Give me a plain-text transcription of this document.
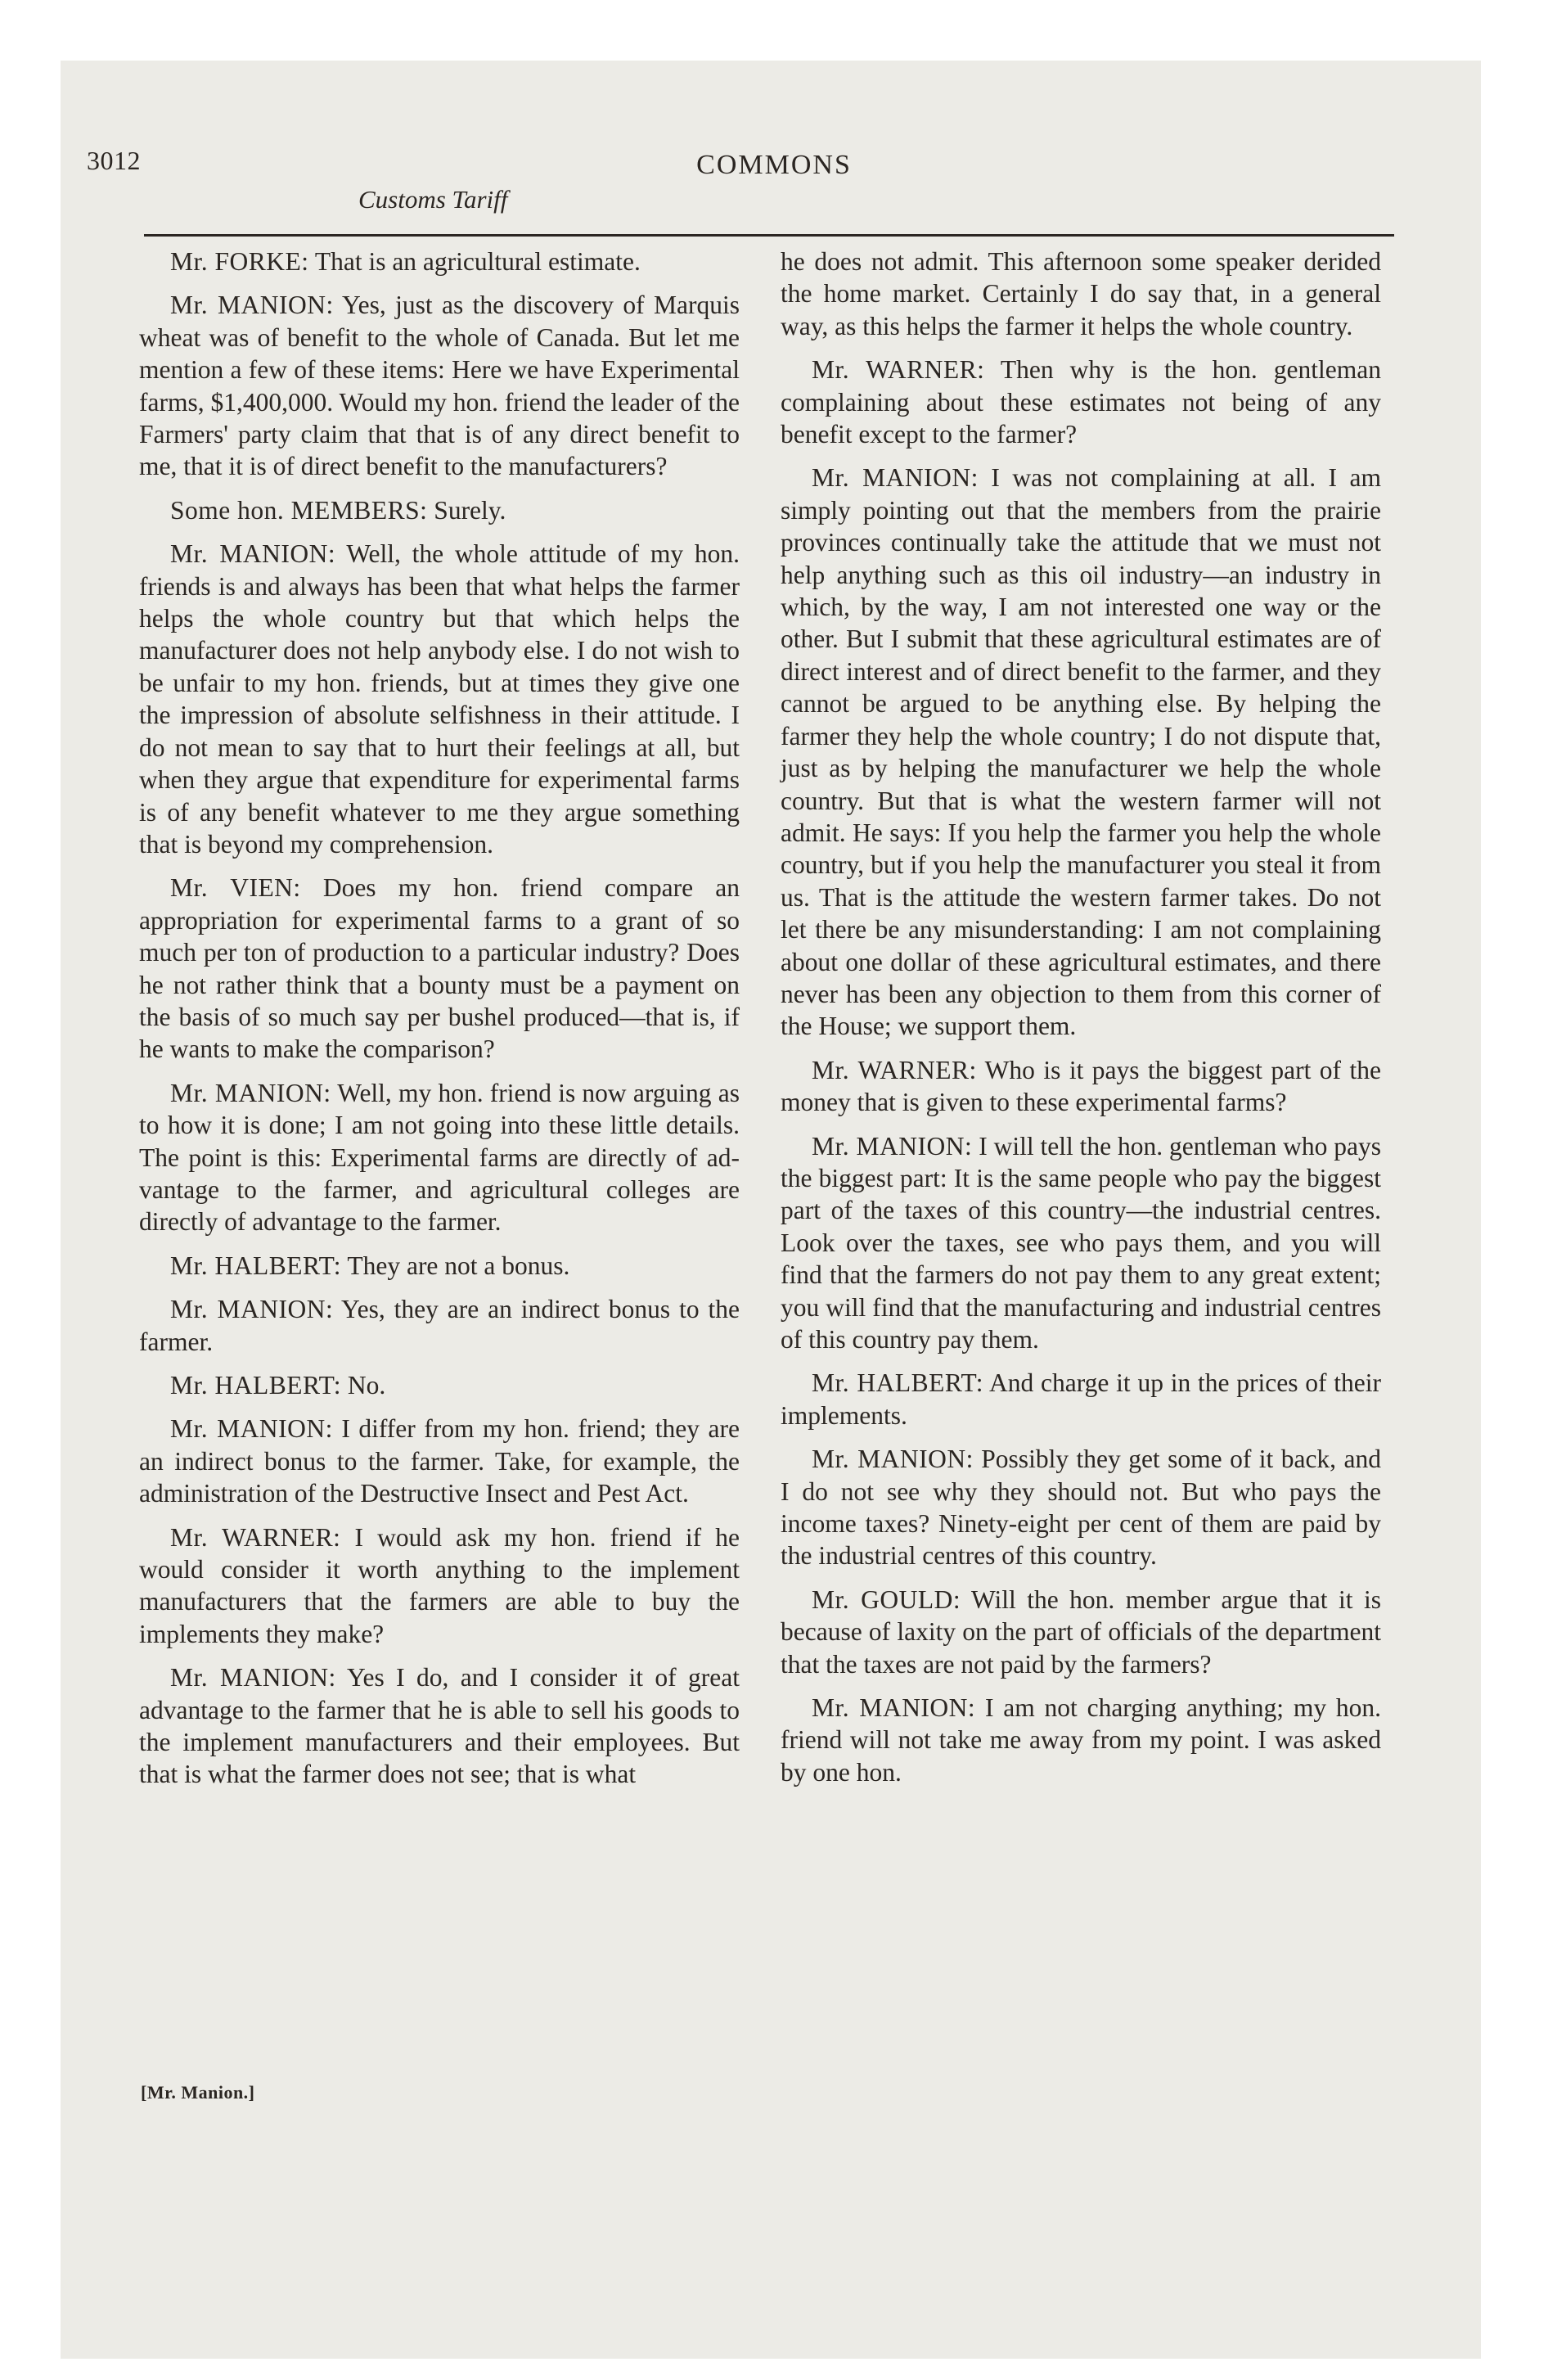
3012	COMMONS
Customs Tariff

Mr. FORKE: That is an agricultural estimate.

Mr. MANION: Yes, just as the discovery of Marquis wheat was of benefit to the whole of Canada. But let me mention a few of these items: Here we have Experimental farms, $1,400,000. Would my hon. friend the leader of the Farmers' party claim that that is of any direct benefit to me, that it is of direct benefit to the manufacturers?

Some hon. MEMBERS: Surely.

Mr. MANION: Well, the whole attitude of my hon. friends is and always has been that what helps the farmer helps the whole country but that which helps the manufacturer does not help anybody else. I do not wish to be unfair to my hon. friends, but at times they give one the impression of absolute selfishness in their attitude. I do not mean to say that to hurt their feelings at all, but when they argue that expenditure for experimental farms is of any benefit whatever to me they argue something that is beyond my comprehension.

Mr. VIEN: Does my hon. friend compare an appropriation for experimental farms to a grant of so much per ton of production to a particular industry? Does he not rather think that a bounty must be a payment on the basis of so much say per bushel produced—that is, if he wants to make the comparison?

Mr. MANION: Well, my hon. friend is now arguing as to how it is done; I am not going into these little details. The point is this: Experimental farms are directly of advantage to the farmer, and agricultural colleges are directly of advantage to the farmer.

Mr. HALBERT: They are not a bonus.

Mr. MANION: Yes, they are an indirect bonus to the farmer.

Mr. HALBERT: No.

Mr. MANION: I differ from my hon. friend; they are an indirect bonus to the farmer. Take, for example, the administration of the Destructive Insect and Pest Act.

Mr. WARNER: I would ask my hon. friend if he would consider it worth anything to the implement manufacturers that the farmers are able to buy the implements they make?

Mr. MANION: Yes I do, and I consider it of great advantage to the farmer that he is able to sell his goods to the implement manufacturers and their employees. But that is what the farmer does not see; that is what

he does not admit. This afternoon some speaker derided the home market. Certainly I do say that, in a general way, as this helps the farmer it helps the whole country.

Mr. WARNER: Then why is the hon. gentleman complaining about these estimates not being of any benefit except to the farmer?

Mr. MANION: I was not complaining at all. I am simply pointing out that the members from the prairie provinces continually take the attitude that we must not help anything such as this oil industry—an industry in which, by the way, I am not interested one way or the other. But I submit that these agricultural estimates are of direct interest and of direct benefit to the farmer, and they cannot be argued to be anything else. By helping the farmer they help the whole country; I do not dispute that, just as by helping the manufacturer we help the whole country. But that is what the western farmer will not admit. He says: If you help the farmer you help the whole country, but if you help the manufacturer you steal it from us. That is the attitude the western farmer takes. Do not let there be any misunderstanding: I am not complaining about one dollar of these agricultural estimates, and there never has been any objection to them from this corner of the House; we support them.

Mr. WARNER: Who is it pays the biggest part of the money that is given to these experimental farms?

Mr. MANION: I will tell the hon. gentleman who pays the biggest part: It is the same people who pay the biggest part of the taxes of this country—the industrial centres. Look over the taxes, see who pays them, and you will find that the farmers do not pay them to any great extent; you will find that the manufacturing and industrial centres of this country pay them.

Mr. HALBERT: And charge it up in the prices of their implements.

Mr. MANION: Possibly they get some of it back, and I do not see why they should not. But who pays the income taxes? Ninety-eight per cent of them are paid by the industrial centres of this country.

Mr. GOULD: Will the hon. member argue that it is because of laxity on the part of officials of the department that the taxes are not paid by the farmers?

Mr. MANION: I am not charging anything; my hon. friend will not take me away from my point. I was asked by one hon.

[Mr. Manion.]
